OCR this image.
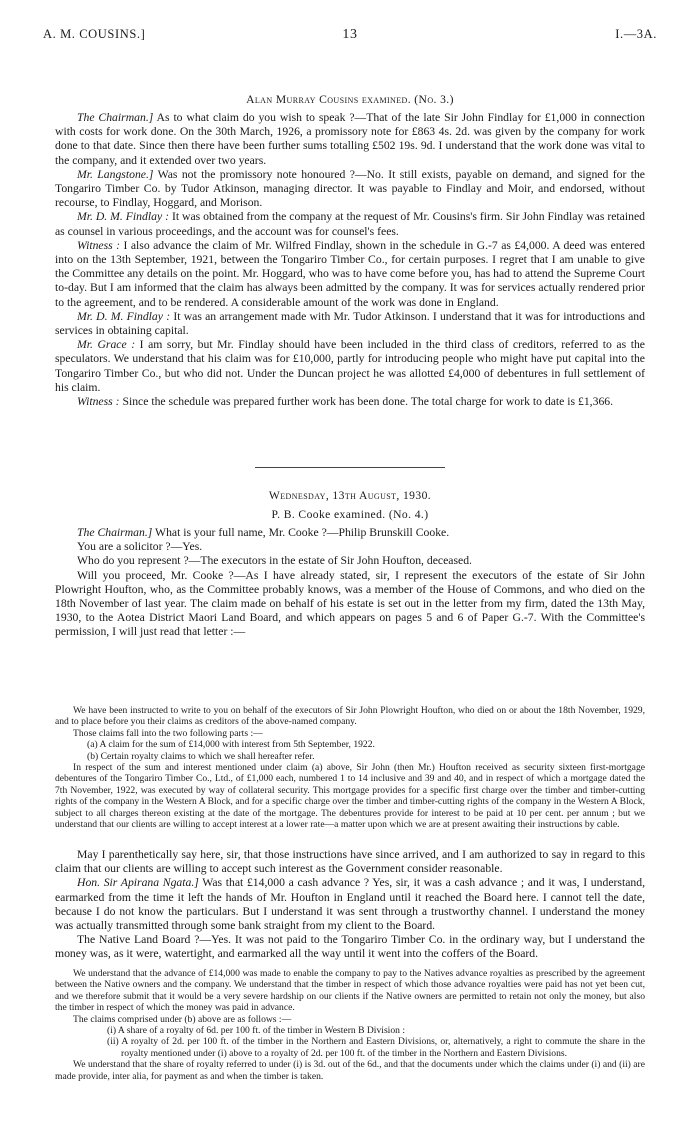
A. M. COUSINS.]	13	I.—3A.
Alan Murray Cousins examined. (No. 3.)

The Chairman.] As to what claim do you wish to speak ?—That of the late Sir John Findlay for £1,000 in connection with costs for work done. On the 30th March, 1926, a promissory note for £863 4s. 2d. was given by the company for work done to that date. Since then there have been further sums totalling £502 19s. 9d. I understand that the work done was vital to the company, and it extended over two years.

Mr. Langstone.] Was not the promissory note honoured ?—No. It still exists, payable on demand, and signed for the Tongariro Timber Co. by Tudor Atkinson, managing director. It was payable to Findlay and Moir, and endorsed, without recourse, to Findlay, Hoggard, and Morison.

Mr. D. M. Findlay : It was obtained from the company at the request of Mr. Cousins's firm. Sir John Findlay was retained as counsel in various proceedings, and the account was for counsel's fees.

Witness : I also advance the claim of Mr. Wilfred Findlay, shown in the schedule in G.-7 as £4,000. A deed was entered into on the 13th September, 1921, between the Tongariro Timber Co., for certain purposes. I regret that I am unable to give the Committee any details on the point. Mr. Hoggard, who was to have come before you, has had to attend the Supreme Court to-day. But I am informed that the claim has always been admitted by the company. It was for services actually rendered prior to the agreement, and to be rendered. A considerable amount of the work was done in England.

Mr. D. M. Findlay : It was an arrangement made with Mr. Tudor Atkinson. I understand that it was for introductions and services in obtaining capital.

Mr. Grace : I am sorry, but Mr. Findlay should have been included in the third class of creditors, referred to as the speculators. We understand that his claim was for £10,000, partly for introducing people who might have put capital into the Tongariro Timber Co., but who did not. Under the Duncan project he was allotted £4,000 of debentures in full settlement of his claim.

Witness : Since the schedule was prepared further work has been done. The total charge for work to date is £1,366.

Wednesday, 13th August, 1930.
P. B. Cooke examined. (No. 4.)

The Chairman.] What is your full name, Mr. Cooke ?—Philip Brunskill Cooke.

You are a solicitor ?—Yes.

Who do you represent ?—The executors in the estate of Sir John Houfton, deceased.

Will you proceed, Mr. Cooke ?—As I have already stated, sir, I represent the executors of the estate of Sir John Plowright Houfton, who, as the Committee probably knows, was a member of the House of Commons, and who died on the 18th November of last year. The claim made on behalf of his estate is set out in the letter from my firm, dated the 13th May, 1930, to the Aotea District Maori Land Board, and which appears on pages 5 and 6 of Paper G.-7. With the Committee's permission, I will just read that letter :—

We have been instructed to write to you on behalf of the executors of Sir John Plowright Houfton, who died on or about the 18th November, 1929, and to place before you their claims as creditors of the above-named company.

Those claims fall into the two following parts :—

(a) A claim for the sum of £14,000 with interest from 5th September, 1922.

(b) Certain royalty claims to which we shall hereafter refer.

In respect of the sum and interest mentioned under claim (a) above, Sir John (then Mr.) Houfton received as security sixteen first-mortgage debentures of the Tongariro Timber Co., Ltd., of £1,000 each, numbered 1 to 14 inclusive and 39 and 40, and in respect of which a mortgage dated the 7th November, 1922, was executed by way of collateral security. This mortgage provides for a specific first charge over the timber and timber-cutting rights of the company in the Western A Block, and for a specific charge over the timber and timber-cutting rights of the company in the Western A Block, subject to all charges thereon existing at the date of the mortgage. The debentures provide for interest to be paid at 10 per cent. per annum ; but we understand that our clients are willing to accept interest at a lower rate—a matter upon which we are at present awaiting their instructions by cable.

May I parenthetically say here, sir, that those instructions have since arrived, and I am authorized to say in regard to this claim that our clients are willing to accept such interest as the Government consider reasonable.

Hon. Sir Apirana Ngata.] Was that £14,000 a cash advance ? Yes, sir, it was a cash advance ; and it was, I understand, earmarked from the time it left the hands of Mr. Houfton in England until it reached the Board here. I cannot tell the date, because I do not know the particulars. But I understand it was sent through a trustworthy channel. I understand the money was actually transmitted through some bank straight from my client to the Board.

The Native Land Board ?—Yes. It was not paid to the Tongariro Timber Co. in the ordinary way, but I understand the money was, as it were, watertight, and earmarked all the way until it went into the coffers of the Board.

We understand that the advance of £14,000 was made to enable the company to pay to the Natives advance royalties as prescribed by the agreement between the Native owners and the company. We understand that the timber in respect of which those advance royalties were paid has not yet been cut, and we therefore submit that it would be a very severe hardship on our clients if the Native owners are permitted to retain not only the money, but also the timber in respect of which the money was paid in advance.

The claims comprised under (b) above are as follows :—

(i) A share of a royalty of 6d. per 100 ft. of the timber in Western B Division :

(ii) A royalty of 2d. per 100 ft. of the timber in the Northern and Eastern Divisions, or, alternatively, a right to commute the share in the royalty mentioned under (i) above to a royalty of 2d. per 100 ft. of the timber in the Northern and Eastern Divisions.

We understand that the share of royalty referred to under (i) is 3d. out of the 6d., and that the documents under which the claims under (i) and (ii) are made provide, inter alia, for payment as and when the timber is taken.
